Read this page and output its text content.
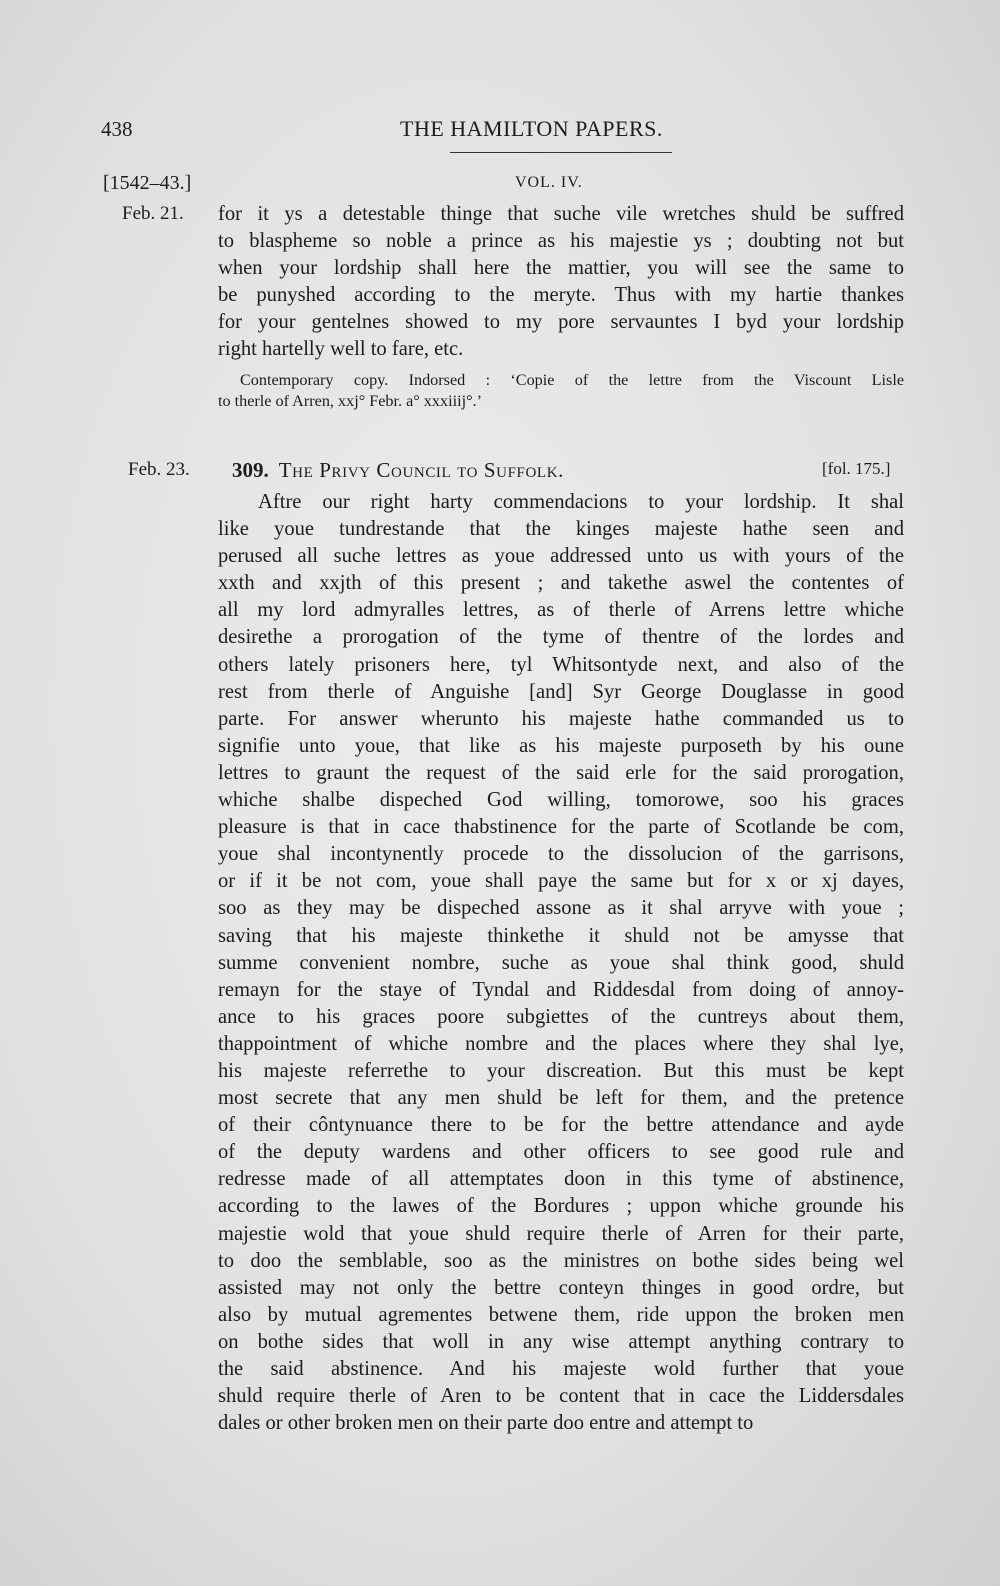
438	THE HAMILTON PAPERS.
[1542–43.]	VOL. IV.
Feb. 21. for it ys a detestable thinge that suche vile wretches shuld be suffred
to blaspheme so noble a prince as his majestie ys ; doubting not but
when your lordship shall here the mattier, you will see the same to
be punyshed according to the meryte. Thus with my hartie thankes
for your gentelnes showed to my pore servauntes I byd your lordship
right hartelly well to fare, etc.
Contemporary copy. Indorsed : ‘Copie of the lettre from the Viscount Lisle
to therle of Arren, xxj° Febr. a° xxxiiij°.’
Feb. 23. 309. The Privy Council to Suffolk.	[fol. 175.]
Aftre our right harty commendacions to your lordship. It shal
like youe tundrestande that the kinges majeste hathe seen and
perused all suche lettres as youe addressed unto us with yours of the
xxth and xxjth of this present ; and takethe aswel the contentes of
all my lord admyralles lettres, as of therle of Arrens lettre whiche
desirethe a prorogation of the tyme of thentre of the lordes and
others lately prisoners here, tyl Whitsontyde next, and also of the
rest from therle of Anguishe [and] Syr George Douglasse in good
parte. For answer wherunto his majeste hathe commanded us to
signifie unto youe, that like as his majeste purposeth by his oune
lettres to graunt the request of the said erle for the said prorogation,
whiche shalbe dispeched God willing, tomorowe, soo his graces
pleasure is that in cace thabstinence for the parte of Scotlande be com,
youe shal incontynently procede to the dissolucion of the garrisons,
or if it be not com, youe shall paye the same but for x or xj dayes,
soo as they may be dispeched assone as it shal arryve with youe ;
saving that his majeste thinkethe it shuld not be amysse that
summe convenient nombre, suche as youe shal think good, shuld
remayn for the staye of Tyndal and Riddesdal from doing of annoy-
ance to his graces poore subgiettes of the cuntreys about them,
thappointment of whiche nombre and the places where they shal lye,
his majeste referrethe to your discreation. But this must be kept
most secrete that any men shuld be left for them, and the pretence
of their côntynuance there to be for the bettre attendance and ayde
of the deputy wardens and other officers to see good rule and
redresse made of all attemptates doon in this tyme of abstinence,
according to the lawes of the Bordures ; uppon whiche grounde his
majestie wold that youe shuld require therle of Arren for their parte,
to doo the semblable, soo as the ministres on bothe sides being wel
assisted may not only the bettre conteyn thinges in good ordre, but
also by mutual agrementes betwene them, ride uppon the broken men
on bothe sides that woll in any wise attempt anything contrary to
the said abstinence. And his majeste wold further that youe
shuld require therle of Aren to be content that in cace the Liddersdales
dales or other broken men on their parte doo entre and attempt to
